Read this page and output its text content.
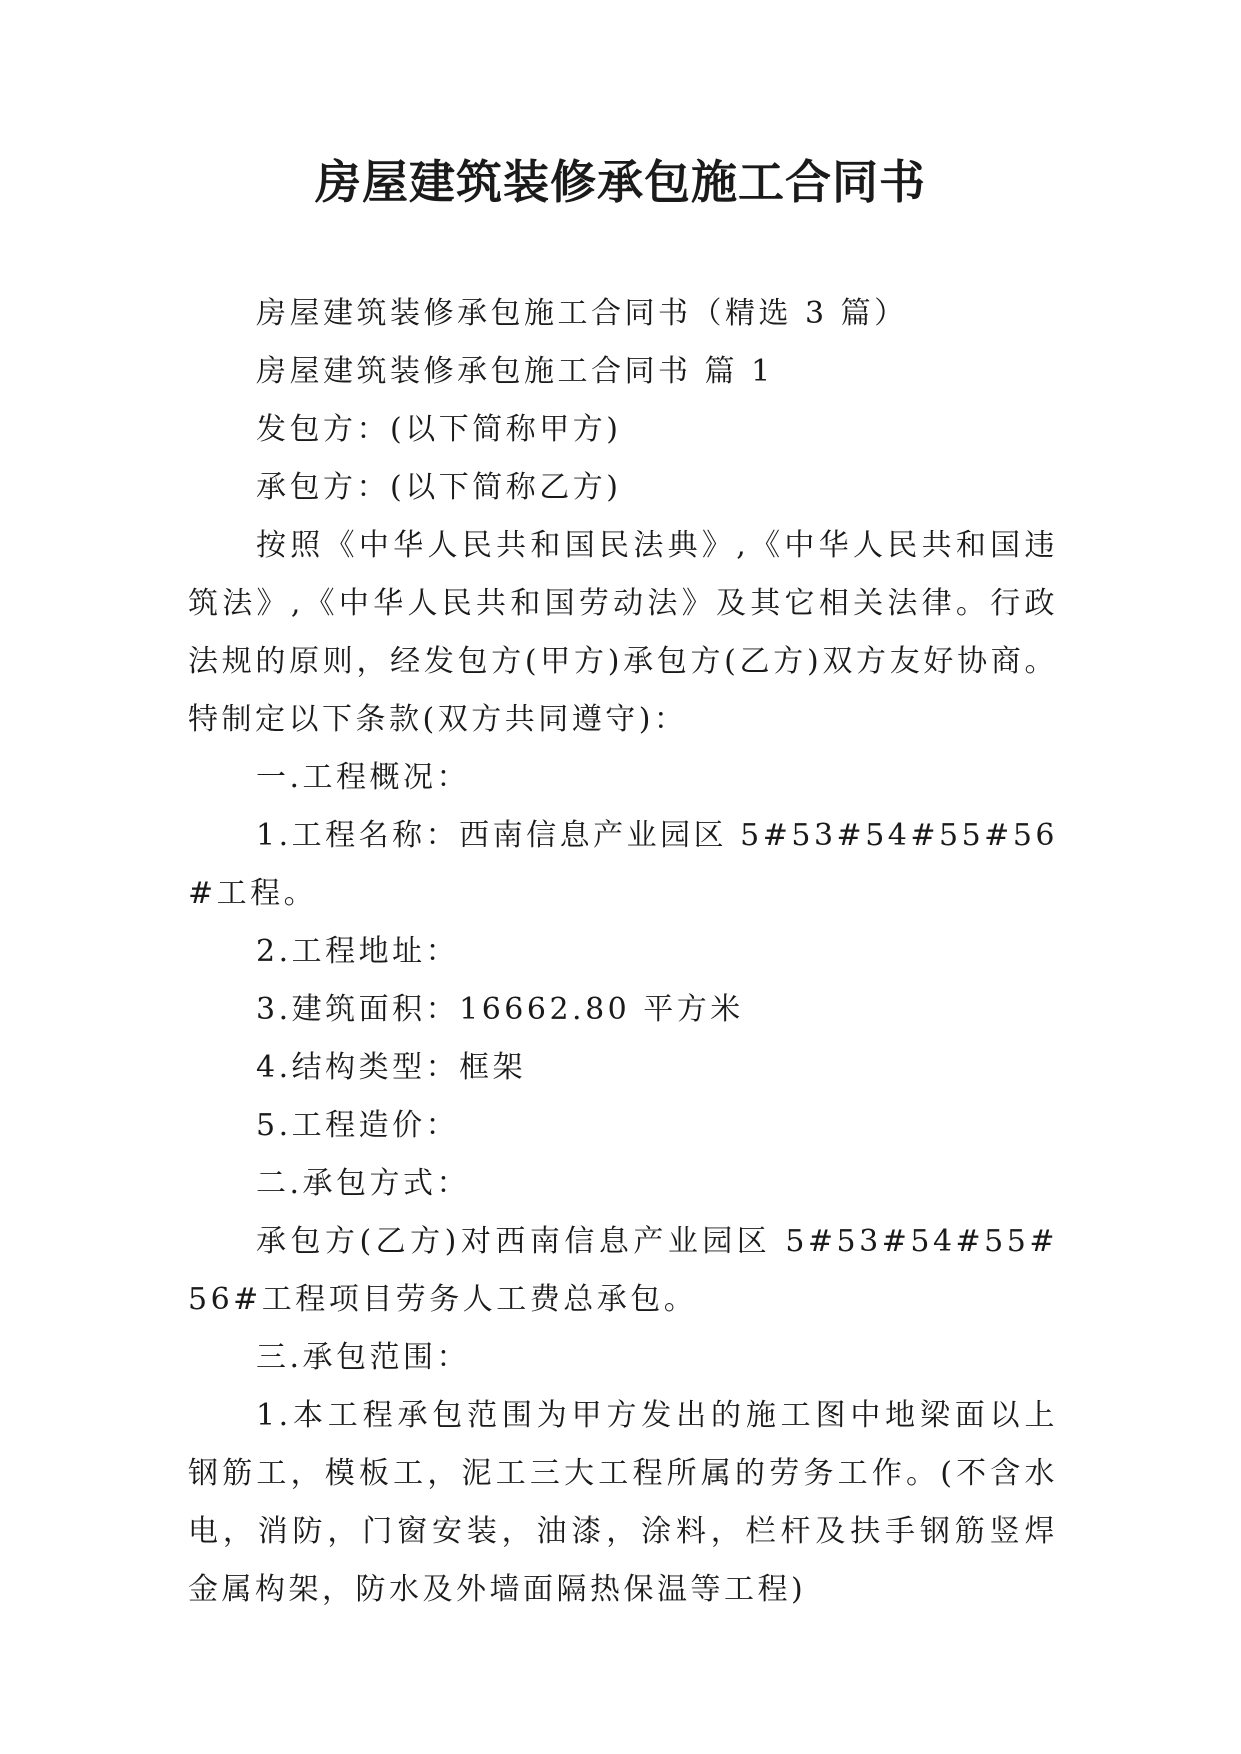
房屋建筑装修承包施工合同书

房屋建筑装修承包施工合同书（精选 3 篇）

房屋建筑装修承包施工合同书 篇 1

发包方：(以下简称甲方)

承包方：(以下简称乙方)

按照《中华人民共和国民法典》,《中华人民共和国违筑法》,《中华人民共和国劳动法》及其它相关法律。行政法规的原则，经发包方(甲方)承包方(乙方)双方友好协商。特制定以下条款(双方共同遵守)：

一.工程概况：

1.工程名称：西南信息产业园区 5#53#54#55#56#工程。

2.工程地址：

3.建筑面积：16662.80 平方米

4.结构类型：框架

5.工程造价：

二.承包方式：

承包方(乙方)对西南信息产业园区 5#53#54#55#56#工程项目劳务人工费总承包。

三.承包范围：

1.本工程承包范围为甲方发出的施工图中地梁面以上钢筋工，模板工，泥工三大工程所属的劳务工作。(不含水电，消防，门窗安装，油漆，涂料，栏杆及扶手钢筋竖焊金属构架，防水及外墙面隔热保温等工程)
